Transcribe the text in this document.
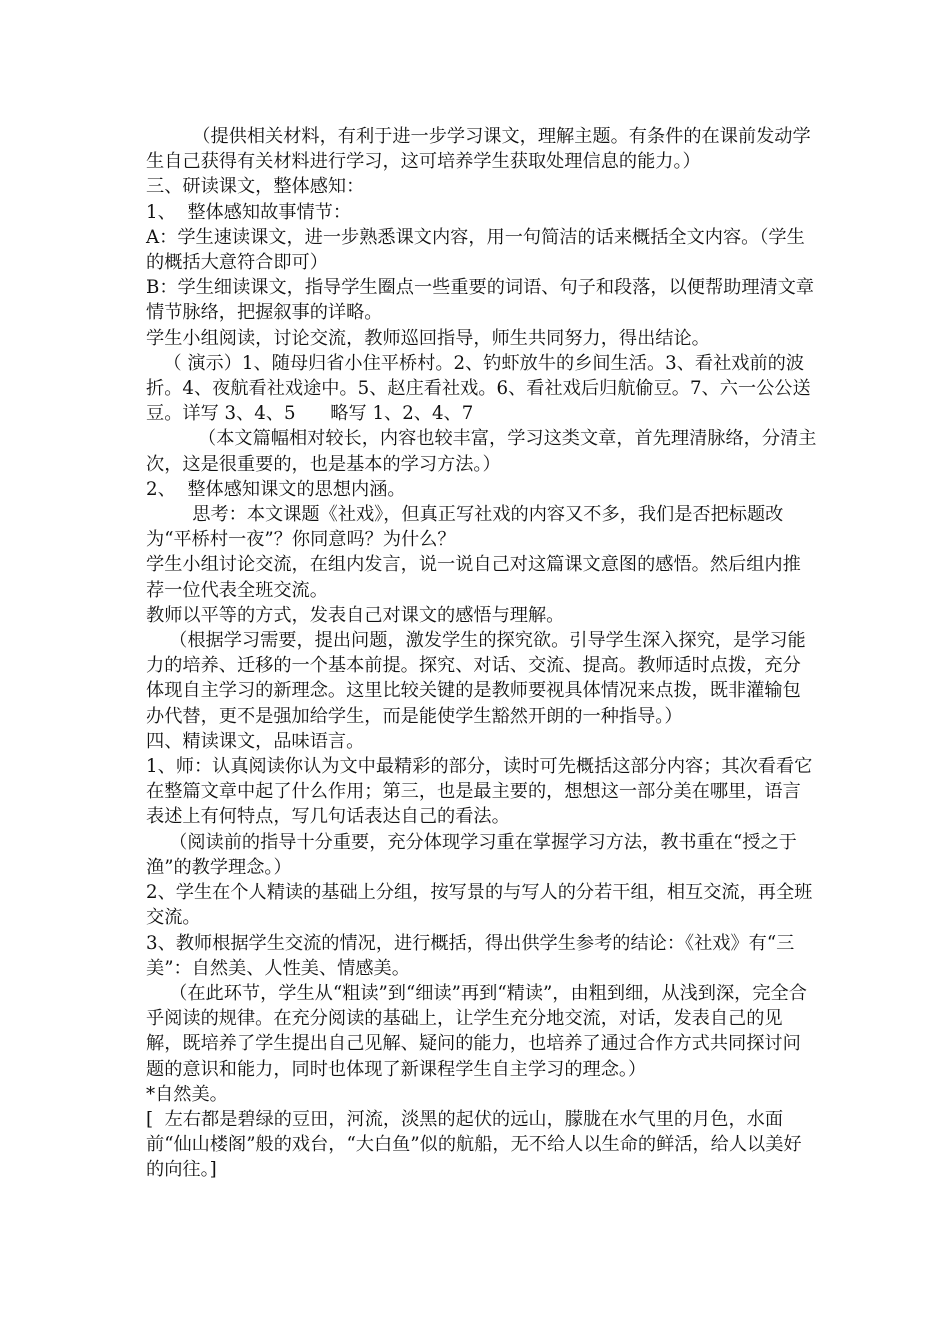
（提供相关材料，有利于进一步学习课文，理解主题。有条件的在课前发动学生自己获得有关材料进行学习，这可培养学生获取处理信息的能力。）

三、研读课文，整体感知：

1、  整体感知故事情节：

A：学生速读课文，进一步熟悉课文内容，用一句简洁的话来概括全文内容。（学生的概括大意符合即可）

B：学生细读课文，指导学生圈点一些重要的词语、句子和段落，以便帮助理清文章情节脉络，把握叙事的详略。

学生小组阅读，讨论交流，教师巡回指导，师生共同努力，得出结论。

（ 演示）1、随母归省小住平桥村。2、钓虾放牛的乡间生活。3、看社戏前的波折。4、夜航看社戏途中。5、赵庄看社戏。6、看社戏后归航偷豆。7、六一公公送豆。详写 3、4、5      略写 1、2、4、7

（本文篇幅相对较长，内容也较丰富，学习这类文章，首先理清脉络，分清主次，这是很重要的，也是基本的学习方法。）

2、  整体感知课文的思想内涵。

思考：本文课题《社戏》，但真正写社戏的内容又不多，我们是否把标题改为“平桥村一夜”？你同意吗？为什么？

学生小组讨论交流，在组内发言，说一说自己对这篇课文意图的感悟。然后组内推荐一位代表全班交流。

教师以平等的方式，发表自己对课文的感悟与理解。

（根据学习需要，提出问题，激发学生的探究欲。引导学生深入探究，是学习能力的培养、迁移的一个基本前提。探究、对话、交流、提高。教师适时点拨，充分体现自主学习的新理念。这里比较关键的是教师要视具体情况来点拨，既非灌输包办代替，更不是强加给学生，而是能使学生豁然开朗的一种指导。）

四、精读课文，品味语言。

1、师：认真阅读你认为文中最精彩的部分，读时可先概括这部分内容；其次看看它在整篇文章中起了什么作用；第三，也是最主要的，想想这一部分美在哪里，语言表述上有何特点，写几句话表达自己的看法。

（阅读前的指导十分重要，充分体现学习重在掌握学习方法，教书重在“授之于渔”的教学理念。）

2、学生在个人精读的基础上分组，按写景的与写人的分若干组，相互交流，再全班交流。

3、教师根据学生交流的情况，进行概括，得出供学生参考的结论：《社戏》有“三美”：自然美、人性美、情感美。

（在此环节，学生从“粗读”到“细读”再到“精读”，由粗到细，从浅到深，完全合乎阅读的规律。在充分阅读的基础上，让学生充分地交流，对话，发表自己的见解，既培养了学生提出自己见解、疑问的能力，也培养了通过合作方式共同探讨问题的意识和能力，同时也体现了新课程学生自主学习的理念。）

*自然美。

[  左右都是碧绿的豆田，河流，淡黑的起伏的远山，朦胧在水气里的月色，水面前“仙山楼阁”般的戏台，“大白鱼”似的航船，无不给人以生命的鲜活，给人以美好的向往。]
